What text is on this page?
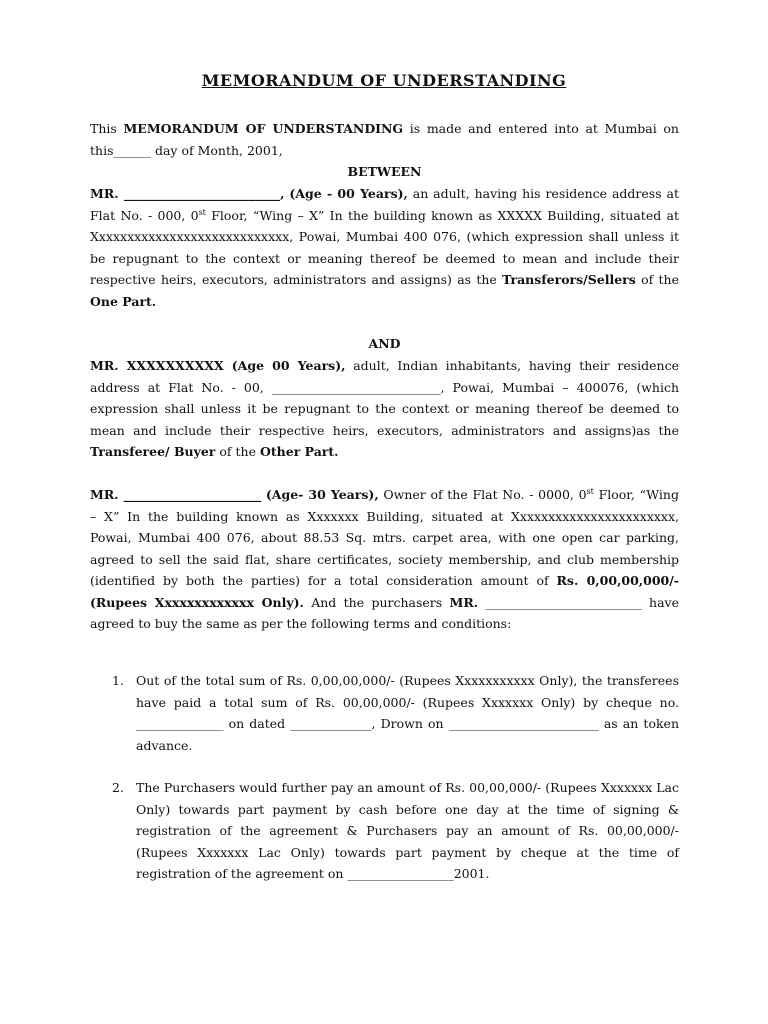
MEMORANDUM OF UNDERSTANDING
This MEMORANDUM OF UNDERSTANDING is made and entered into at Mumbai on this______ day of Month, 2001,
BETWEEN
MR. _________________________, (Age - 00 Years), an adult, having his residence address at Flat No. - 000, 0st Floor, “Wing – X” In the building known as XXXXX Building, situated at Xxxxxxxxxxxxxxxxxxxxxxxxxxxx, Powai, Mumbai 400 076, (which expression shall unless it be repugnant to the context or meaning thereof be deemed to mean and include their respective heirs, executors, administrators and assigns) as the Transferors/Sellers of the One Part.
AND
MR. XXXXXXXXXX (Age 00 Years), adult, Indian inhabitants, having their residence address at Flat No. - 00, ___________________________, Powai, Mumbai – 400076, (which expression shall unless it be repugnant to the context or meaning thereof be deemed to mean and include their respective heirs, executors, administrators and assigns)as the Transferee/ Buyer of the Other Part.
MR. ______________________ (Age- 30 Years), Owner of the Flat No. - 0000, 0st Floor, “Wing – X” In the building known as Xxxxxxx Building, situated at Xxxxxxxxxxxxxxxxxxxxxxx, Powai, Mumbai 400 076, about 88.53 Sq. mtrs. carpet area, with one open car parking, agreed to sell the said flat, share certificates, society membership, and club membership (identified by both the parties) for a total consideration amount of Rs. 0,00,00,000/- (Rupees Xxxxxxxxxxxxx Only). And the purchasers MR. _________________________ have agreed to buy the same as per the following terms and conditions:
1. Out of the total sum of Rs. 0,00,00,000/- (Rupees Xxxxxxxxxxx Only), the transferees have paid a total sum of Rs. 00,00,000/- (Rupees Xxxxxxx Only) by cheque no. ______________ on dated _____________, Drown on ________________________ as an token advance.
2. The Purchasers would further pay an amount of Rs. 00,00,000/- (Rupees Xxxxxxx Lac Only) towards part payment by cash before one day at the time of signing & registration of the agreement & Purchasers pay an amount of Rs. 00,00,000/- (Rupees Xxxxxxx Lac Only) towards part payment by cheque at the time of registration of the agreement on _________________2001.
